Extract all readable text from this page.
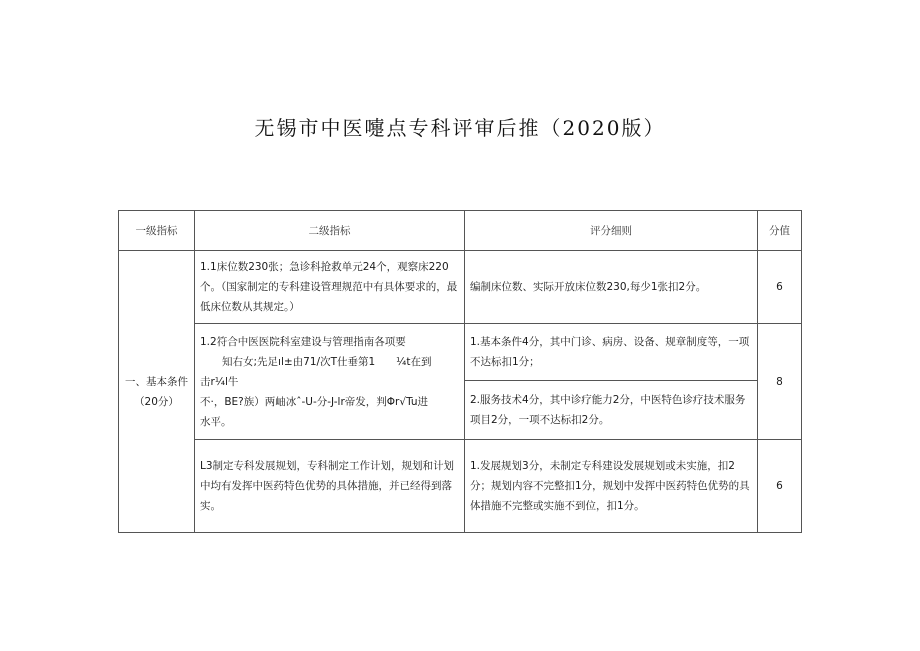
无锡市中医嚏点专科评审后推（2020版）
一级指标	二级指标	评分细则	分值

一、基本条件
（20分）	1.1床位数230张；急诊科抢救单元24个，观察床220个。（国家制定的专科建设管理规范中有具体要求的，最低床位数从其规定。）	编制床位数、实际开放床位数230,每少1张扣2分。	6

	1.2符合中医医院科室建设与管理指南各项要
知右女;先足ıl±由71/次T仕垂第1　　¼t在到
击r¼l牛
不·，BE?族）两岫冰ˆ-U-分-J-lr帝发，判Φr√Tu进
水平。	1.基本条件4分，其中门诊、病房、设备、规章制度等，一项不达标扣1分；	8
		2.服务技术4分，其中诊疗能力2分，中医特色诊疗技术服务项目2分，一项不达标扣2分。	
	L3制定专科发展规划，专科制定工作计划，规划和计划中均有发挥中医药特色优势的具体措施，并已经得到落实。	1.发展规划3分，未制定专科建设发展规划或未实施，扣2分；规划内容不完整扣1分，规划中发挥中医药特色优势的具体措施不完整或实施不到位，扣1分。	6
